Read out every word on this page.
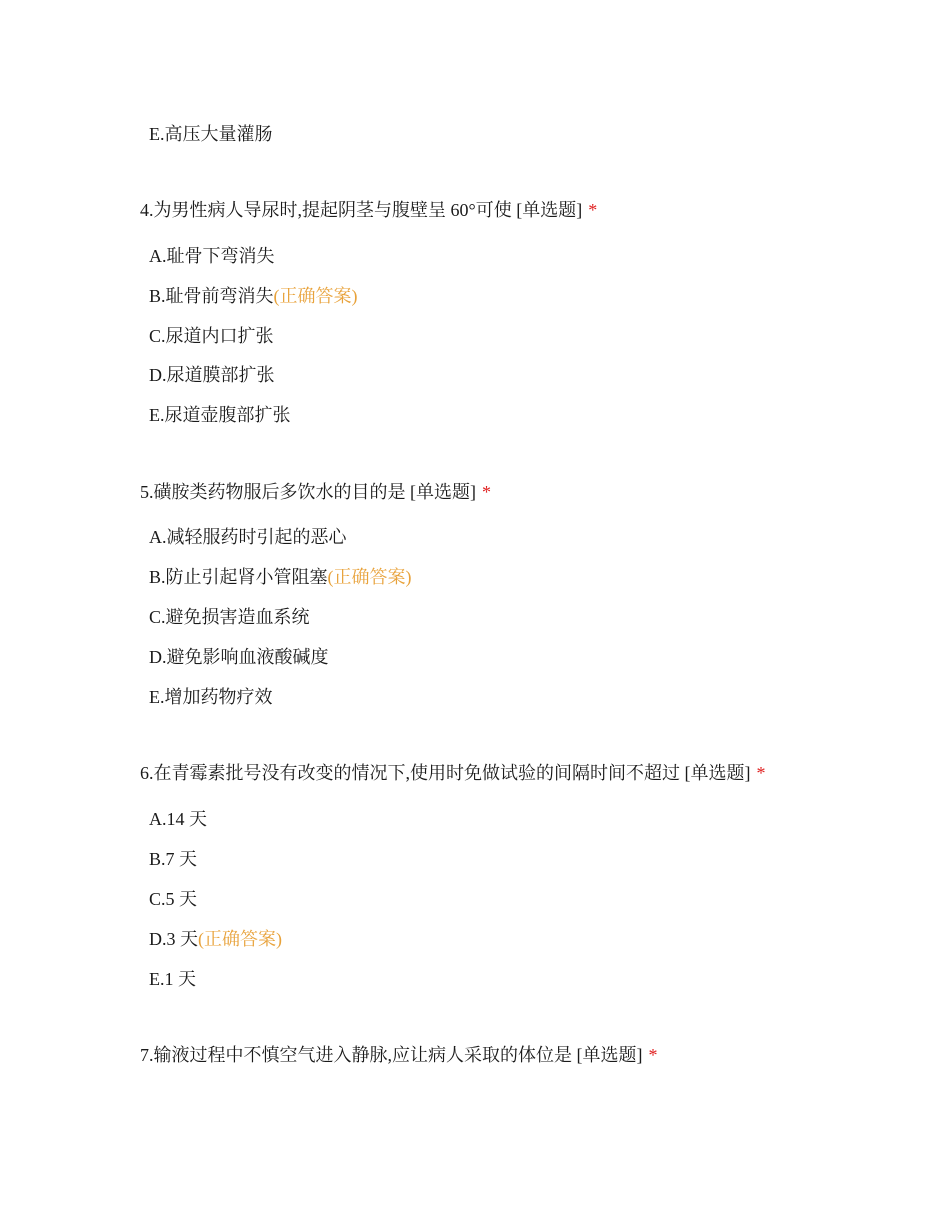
E.高压大量灌肠
4.为男性病人导尿时,提起阴茎与腹壁呈 60°可使 [单选题] *
A.耻骨下弯消失
B.耻骨前弯消失(正确答案)
C.尿道内口扩张
D.尿道膜部扩张
E.尿道壶腹部扩张
5.磺胺类药物服后多饮水的目的是 [单选题] *
A.减轻服药时引起的恶心
B.防止引起肾小管阻塞(正确答案)
C.避免损害造血系统
D.避免影响血液酸碱度
E.增加药物疗效
6.在青霉素批号没有改变的情况下,使用时免做试验的间隔时间不超过 [单选题] *
A.14 天
B.7 天
C.5 天
D.3 天(正确答案)
E.1 天
7.输液过程中不慎空气进入静脉,应让病人采取的体位是 [单选题] *
